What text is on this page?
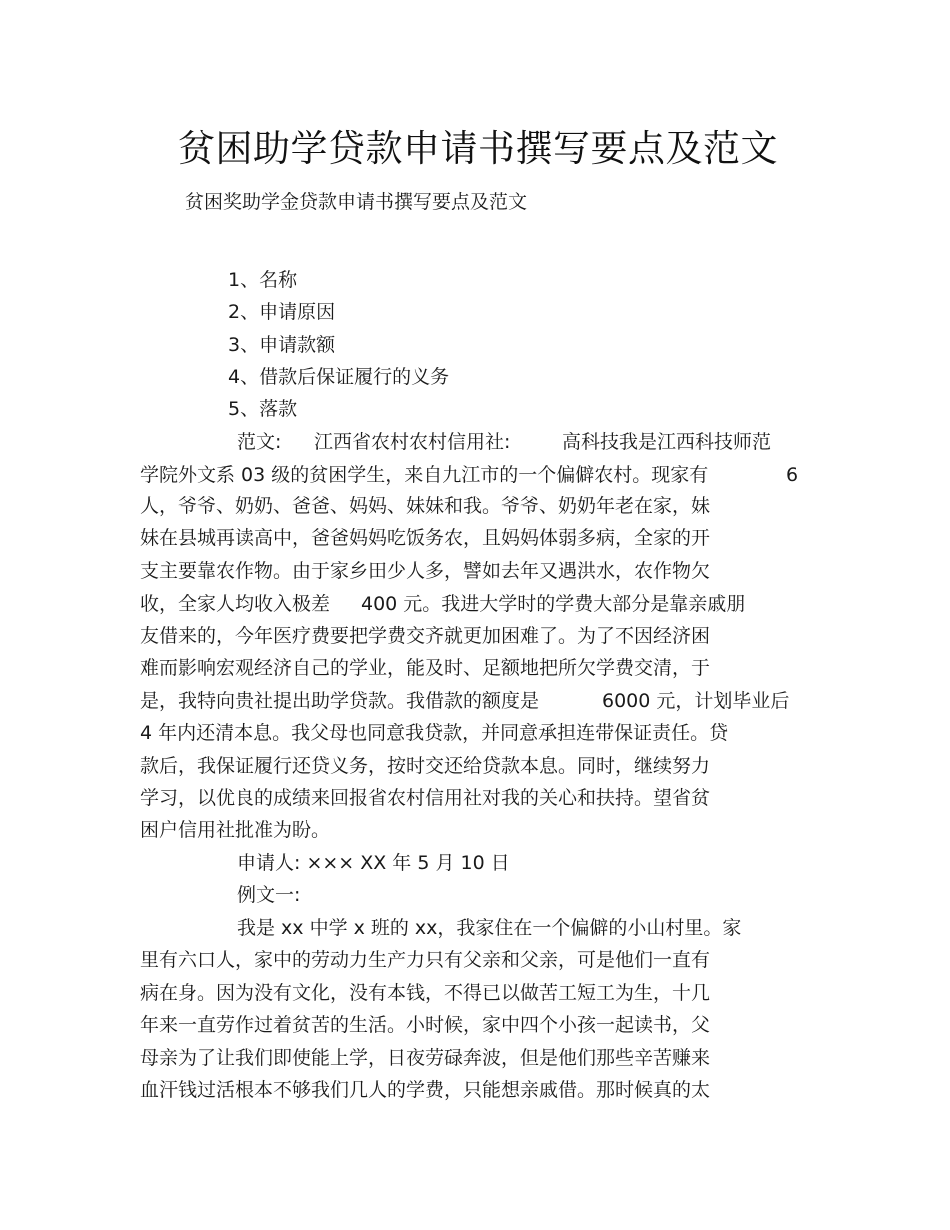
贫困助学贷款申请书撰写要点及范文
贫困奖助学金贷款申请书撰写要点及范文
1、名称
2、申请原因
3、申请款额
4、借款后保证履行的义务
5、落款
范文: 江西省农村农村信用社:	高科技我是江西科技师范
学院外文系 03 级的贫困学生，来自九江市的一个偏僻农村。现家有	6
人，爷爷、奶奶、爸爸、妈妈、妹妹和我。爷爷、奶奶年老在家，妹
妹在县城再读高中，爸爸妈妈吃饭务农，且妈妈体弱多病，全家的开
支主要靠农作物。由于家乡田少人多，譬如去年又遇洪水，农作物欠
收，全家人均收入极差 400 元。我进大学时的学费大部分是靠亲戚朋
友借来的，今年医疗费要把学费交齐就更加困难了。为了不因经济困
难而影响宏观经济自己的学业，能及时、足额地把所欠学费交清，于
是，我特向贵社提出助学贷款。我借款的额度是	6000 元，计划毕业后
4 年内还清本息。我父母也同意我贷款，并同意承担连带保证责任。贷
款后，我保证履行还贷义务，按时交还给贷款本息。同时，继续努力
学习，以优良的成绩来回报省农村信用社对我的关心和扶持。望省贫
困户信用社批准为盼。
申请人: ××× XX 年 5 月 10 日
例文一:
我是 xx 中学 x 班的 xx，我家住在一个偏僻的小山村里。家
里有六口人，家中的劳动力生产力只有父亲和父亲，可是他们一直有
病在身。因为没有文化，没有本钱，不得已以做苦工短工为生，十几
年来一直劳作过着贫苦的生活。小时候，家中四个小孩一起读书，父
母亲为了让我们即使能上学，日夜劳碌奔波，但是他们那些辛苦赚来
血汗钱过活根本不够我们几人的学费，只能想亲戚借。那时候真的太
